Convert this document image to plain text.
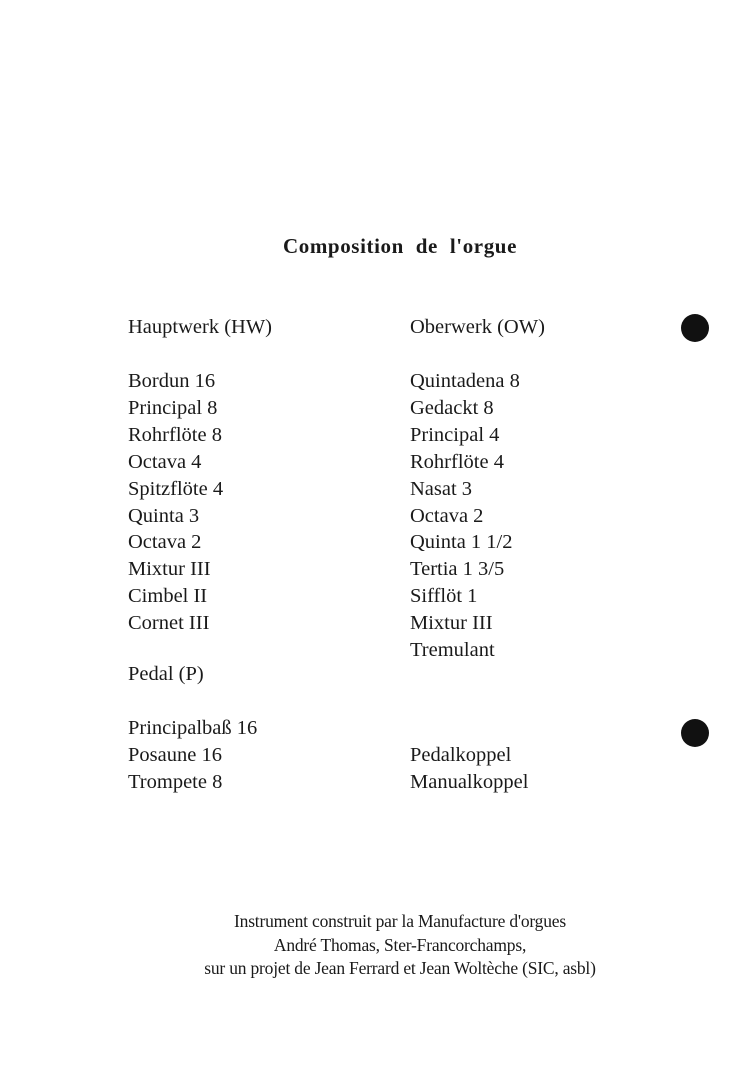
Composition de l'orgue
Hauptwerk (HW)	Oberwerk (OW)
Bordun 16
Principal 8
Rohrflöte 8
Octava 4
Spitzflöte 4
Quinta 3
Octava 2
Mixtur III
Cimbel II
Cornet III
Quintadena 8
Gedackt 8
Principal 4
Rohrflöte 4
Nasat 3
Octava 2
Quinta 1 1/2
Tertia 1 3/5
Sifflöt 1
Mixtur III
Tremulant
Pedal (P)
Principalbaß 16
Posaune 16
Trompete 8
Pedalkoppel
Manualkoppel
Instrument construit par la Manufacture d'orgues
André Thomas, Ster-Francorchamps,
sur un projet de Jean Ferrard et Jean Woltèche (SIC, asbl)
